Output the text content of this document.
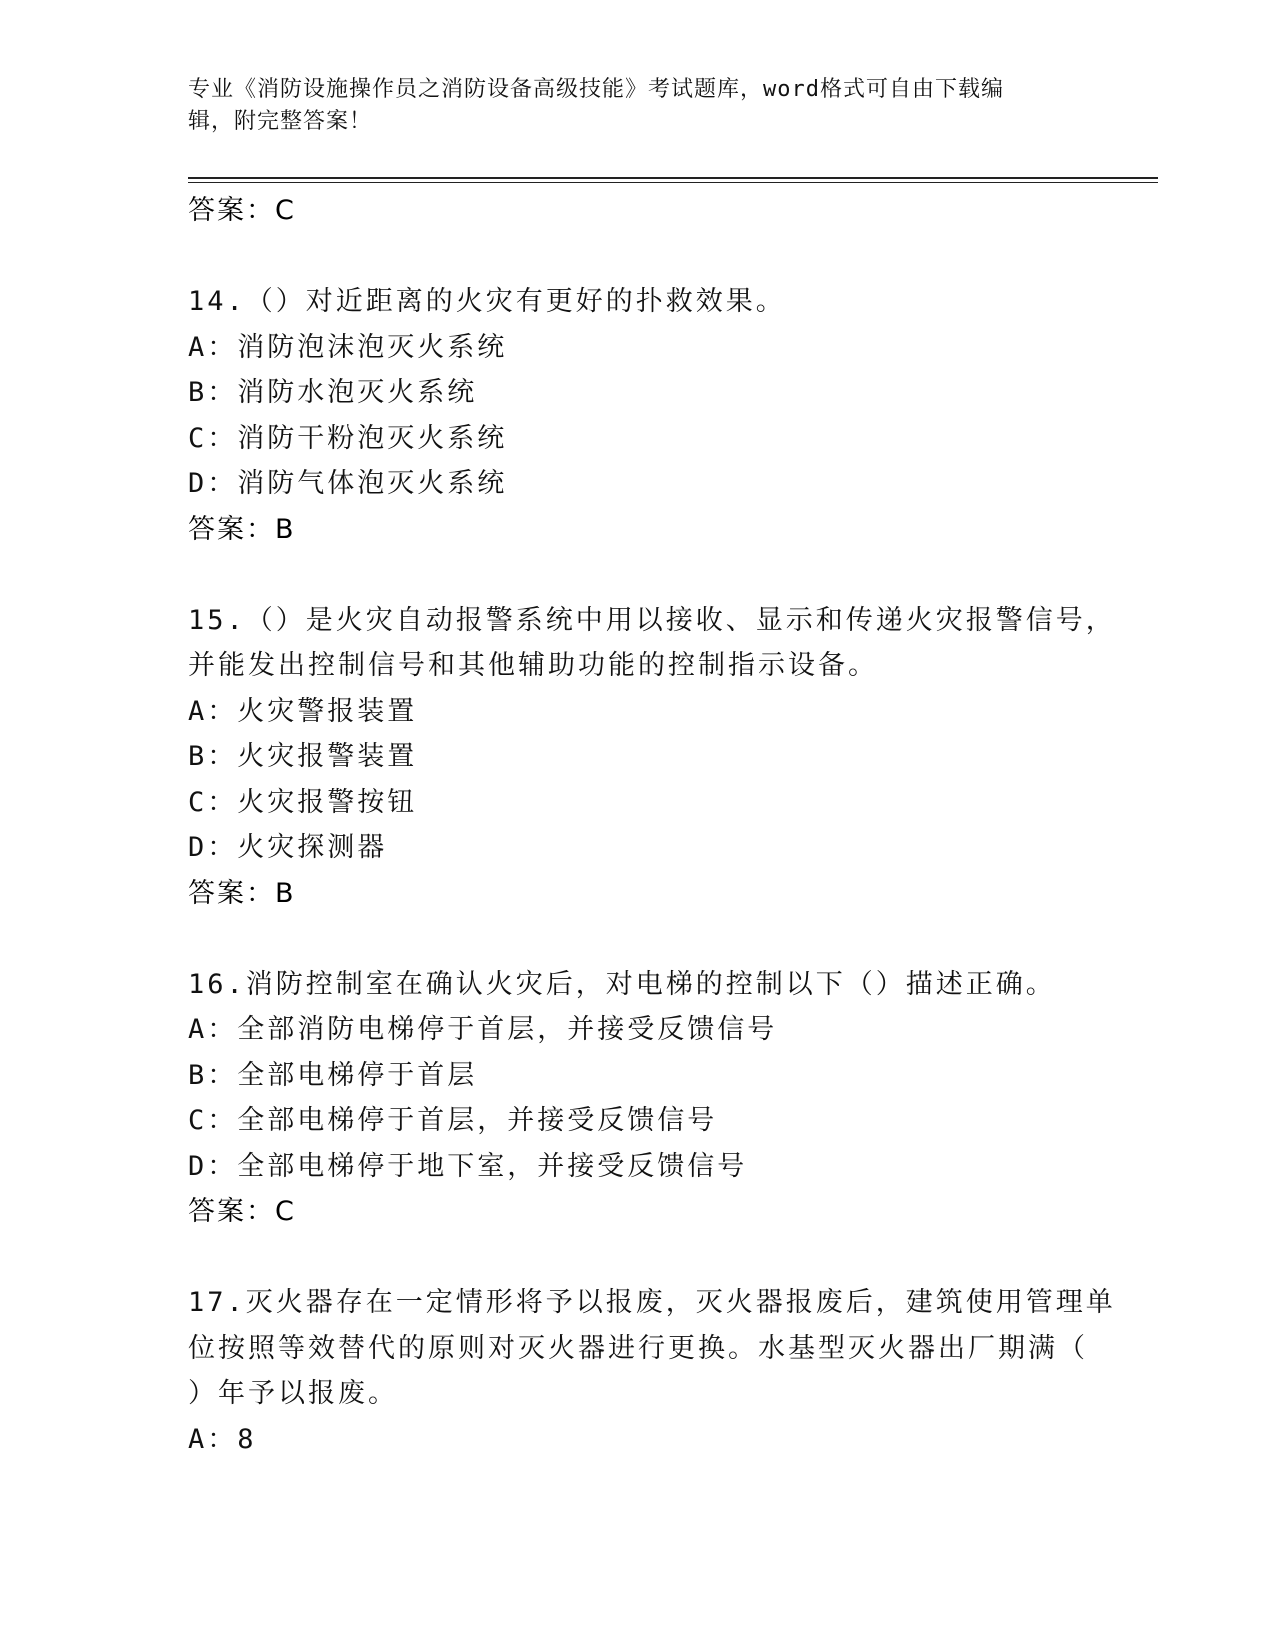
专业《消防设施操作员之消防设备高级技能》考试题库，word格式可自由下载编
辑，附完整答案！
答案：C
14.（）对近距离的火灾有更好的扑救效果。
A：消防泡沫泡灭火系统
B：消防水泡灭火系统
C：消防干粉泡灭火系统
D：消防气体泡灭火系统
答案：B
15.（）是火灾自动报警系统中用以接收、显示和传递火灾报警信号，
并能发出控制信号和其他辅助功能的控制指示设备。
A：火灾警报装置
B：火灾报警装置
C：火灾报警按钮
D：火灾探测器
答案：B
16.消防控制室在确认火灾后，对电梯的控制以下（）描述正确。
A：全部消防电梯停于首层，并接受反馈信号
B：全部电梯停于首层
C：全部电梯停于首层，并接受反馈信号
D：全部电梯停于地下室，并接受反馈信号
答案：C
17.灭火器存在一定情形将予以报废，灭火器报废后，建筑使用管理单
位按照等效替代的原则对灭火器进行更换。水基型灭火器出厂期满（
）年予以报废。
A：8
